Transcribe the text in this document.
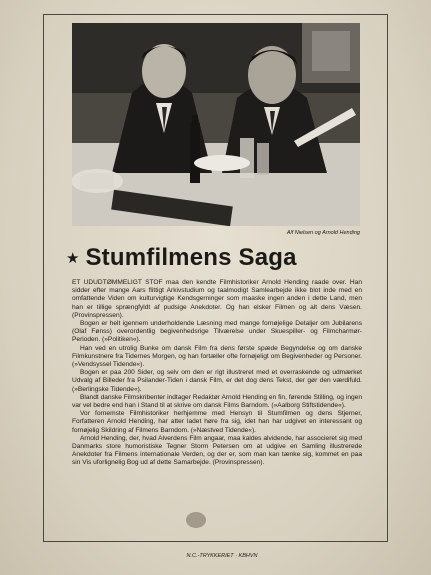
Alf Nielsen og Arnold Hending
★ Stumfilmens Saga

ET UDUDTØMMELIGT STOF maa den kendte Filmhistoriker Arnold Hending raade over. Han sidder efter mange Aars flittigt Arkivstudium og taalmodigt Samlearbejde ikke blot inde med en omfattende Viden om kulturvigtige Kendsgerninger som maaske ingen anden i dette Land, men han er tillige sprængfyldt af pudsige Anekdoter. Og han elsker Filmen og alt dens Væsen. (Provinspressen).

Bogen er helt igennem underholdende Læsning med mange fornøjelige Detaljer om Jubilarens (Olaf Fønss) overordentlig begivenhedsrige Tilværelse under Skuespiller- og Filmcharmør-Perioden. (»Politiken«).

Han ved en utrolig Bunke om dansk Film fra dens første spæde Begyndelse og om danske Filmkunstnere fra Tidernes Morgen, og han fortæller ofte fornøjeligt om Begivenheder og Personer. (»Vendsyssel Tidende«).

Bogen er paa 200 Sider, og selv om den er rigt illustreret med et overraskende og udmærket Udvalg af Billeder fra Psilander-Tiden i dansk Film, er det dog dens Tekst, der gør den værdifuld. (»Berlingske Tidende«).

Blandt danske Filmskribenter indtager Redaktør Arnold Hending en fin, førende Stilling, og ingen var vel bedre end han i Stand til at skrive om dansk Films Barndom. (»Aalborg Stiftstidende«).

Vor fornemste Filmhistoriker herhjemme med Hensyn til Stumfilmen og dens Stjerner, Forfatteren Arnold Hending, har atter ladet høre fra sig, idet han har udgivet en interessant og fornøjelig Skildring af Filmens Barndom. (»Næstved Tidende«).

Arnold Hending, der, hvad Alverdens Film angaar, maa kaldes alvidende, har associeret sig med Danmarks store humoristiske Tegner Storm Petersen om at udgive en Samling illustrerede Anekdoter fra Filmens internationale Verden, og der er, som man kan tænke sig, kommet en paa sin Vis uforlignelig Bog ud af dette Samarbejde. (Provinspressen).

N.C.-TRYKKERIET · KBHVN
